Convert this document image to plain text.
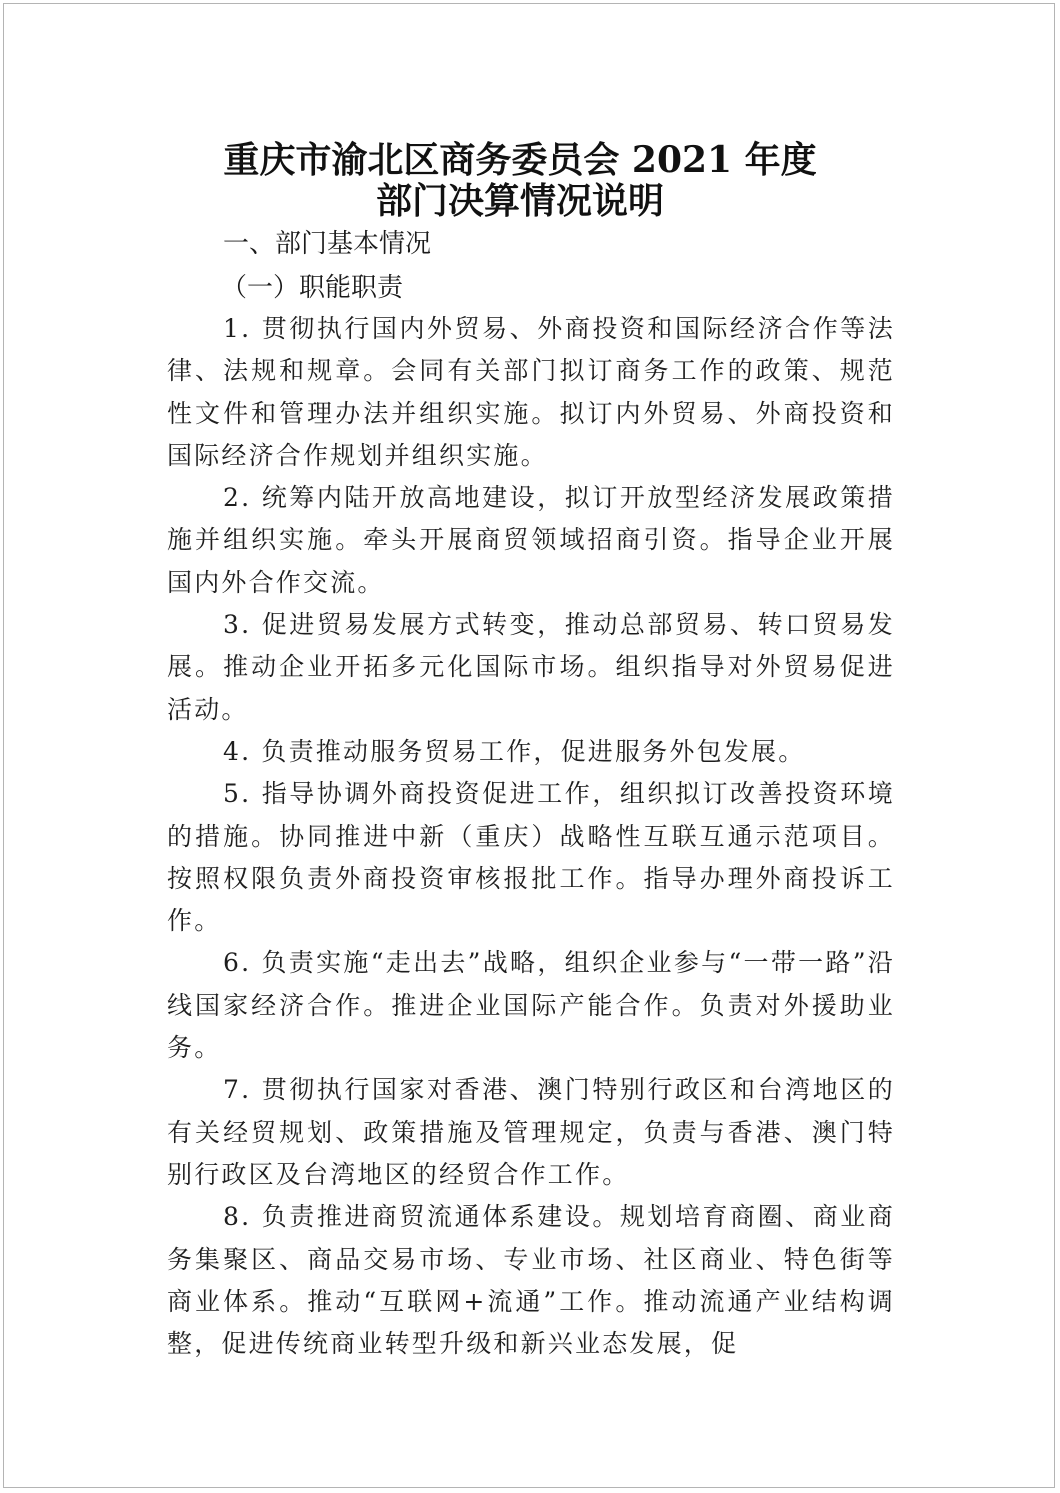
重庆市渝北区商务委员会 2021 年度
部门决算情况说明
一、部门基本情况
（一）职能职责

1. 贯彻执行国内外贸易、外商投资和国际经济合作等法律、法规和规章。会同有关部门拟订商务工作的政策、规范性文件和管理办法并组织实施。拟订内外贸易、外商投资和国际经济合作规划并组织实施。

2. 统筹内陆开放高地建设，拟订开放型经济发展政策措施并组织实施。牵头开展商贸领域招商引资。指导企业开展国内外合作交流。

3. 促进贸易发展方式转变，推动总部贸易、转口贸易发展。推动企业开拓多元化国际市场。组织指导对外贸易促进活动。

4. 负责推动服务贸易工作，促进服务外包发展。

5. 指导协调外商投资促进工作，组织拟订改善投资环境的措施。协同推进中新（重庆）战略性互联互通示范项目。按照权限负责外商投资审核报批工作。指导办理外商投诉工作。

6. 负责实施“走出去”战略，组织企业参与“一带一路”沿线国家经济合作。推进企业国际产能合作。负责对外援助业务。

7. 贯彻执行国家对香港、澳门特别行政区和台湾地区的有关经贸规划、政策措施及管理规定，负责与香港、澳门特别行政区及台湾地区的经贸合作工作。

8. 负责推进商贸流通体系建设。规划培育商圈、商业商务集聚区、商品交易市场、专业市场、社区商业、特色街等商业体系。推动“互联网+流通”工作。推动流通产业结构调整，促进传统商业转型升级和新兴业态发展，促
